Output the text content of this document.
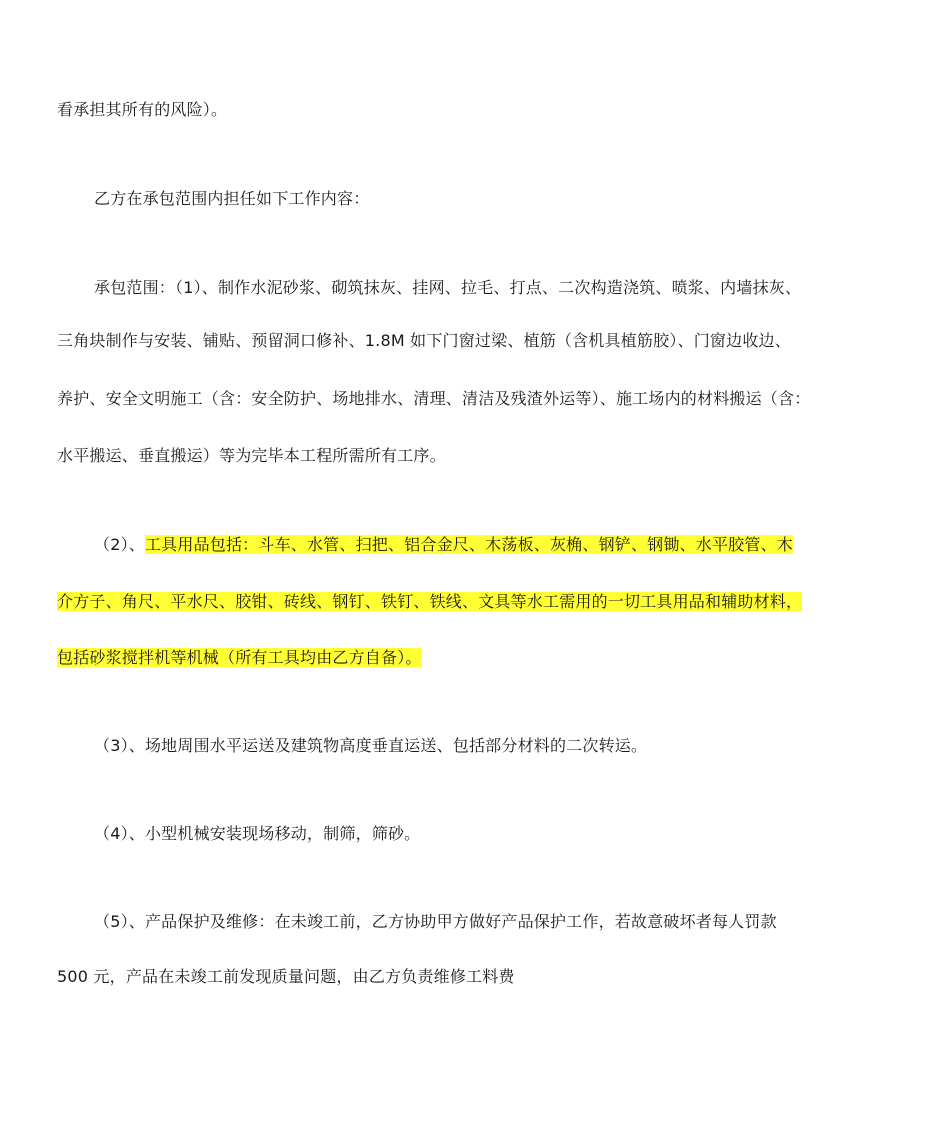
看承担其所有的风险）。
乙方在承包范围内担任如下工作内容：
承包范围：（1）、制作水泥砂浆、砌筑抹灰、挂网、拉毛、打点、二次构造浇筑、喷浆、内墙抹灰、
三角块制作与安装、铺贴、预留洞口修补、1.8M 如下门窗过梁、植筋（含机具植筋胶）、门窗边收边、
养护、安全文明施工（含：安全防护、场地排水、清理、清洁及残渣外运等）、施工场内的材料搬运（含：
水平搬运、垂直搬运）等为完毕本工程所需所有工序。
（2）、工具用品包括：斗车、水管、扫把、铝合金尺、木荡板、灰桷、钢铲、钢锄、水平胶管、木
介方子、角尺、平水尺、胶钳、砖线、钢钉、铁钉、铁线、文具等水工需用的一切工具用品和辅助材料，
包括砂浆搅拌机等机械（所有工具均由乙方自备）。
（3）、场地周围水平运送及建筑物高度垂直运送、包括部分材料的二次转运。
（4）、小型机械安装现场移动，制筛，筛砂。
（5）、产品保护及维修：在未竣工前，乙方协助甲方做好产品保护工作，若故意破坏者每人罚款
500 元，产品在未竣工前发现质量问题，由乙方负责维修工料费
